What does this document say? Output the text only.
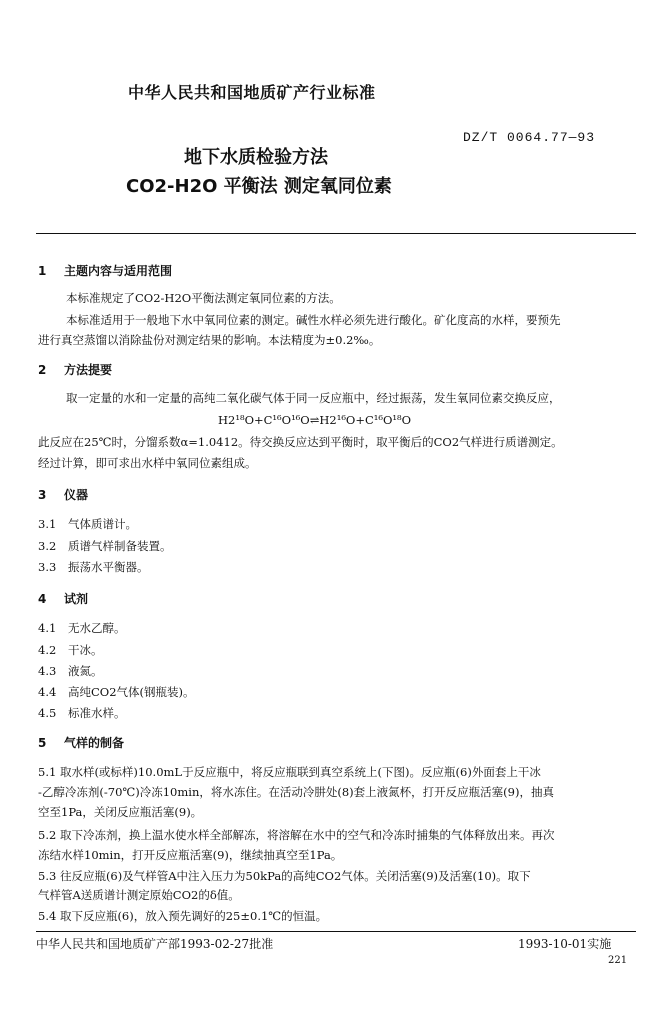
中华人民共和国地质矿产行业标准
DZ/T 0064.77—93
地下水质检验方法
CO2-H2O 平衡法 测定氧同位素
1 主题内容与适用范围
本标准规定了CO2-H2O平衡法测定氧同位素的方法。
本标准适用于一般地下水中氧同位素的测定。碱性水样必须先进行酸化。矿化度高的水样，要预先
进行真空蒸馏以消除盐份对测定结果的影响。本法精度为±0.2‰。
2 方法提要
取一定量的水和一定量的高纯二氧化碳气体于同一反应瓶中，经过振荡，发生氧同位素交换反应，
H2¹⁸O+C¹⁶O¹⁶O⇌H2¹⁶O+C¹⁶O¹⁸O
此反应在25℃时，分馏系数α=1.0412。待交换反应达到平衡时，取平衡后的CO2气样进行质谱测定。
经过计算，即可求出水样中氧同位素组成。
3 仪器
3.1 气体质谱计。
3.2 质谱气样制备装置。
3.3 振荡水平衡器。
4 试剂
4.1 无水乙醇。
4.2 干冰。
4.3 液氮。
4.4 高纯CO2气体(钢瓶装)。
4.5 标准水样。
5 气样的制备
5.1 取水样(或标样)10.0mL于反应瓶中，将反应瓶联到真空系统上(下图)。反应瓶(6)外面套上干冰
-乙醇冷冻剂(-70℃)冷冻10min，将水冻住。在活动冷肼处(8)套上液氮杯，打开反应瓶活塞(9)，抽真
空至1Pa，关闭反应瓶活塞(9)。
5.2 取下冷冻剂，换上温水使水样全部解冻，将溶解在水中的空气和冷冻时捕集的气体释放出来。再次
冻结水样10min，打开反应瓶活塞(9)，继续抽真空至1Pa。
5.3 往反应瓶(6)及气样管A中注入压力为50kPa的高纯CO2气体。关闭活塞(9)及活塞(10)。取下
气样管A送质谱计测定原始CO2的δ值。
5.4 取下反应瓶(6)，放入预先调好的25±0.1℃的恒温。
中华人民共和国地质矿产部1993-02-27批准	1993-10-01实施
221
